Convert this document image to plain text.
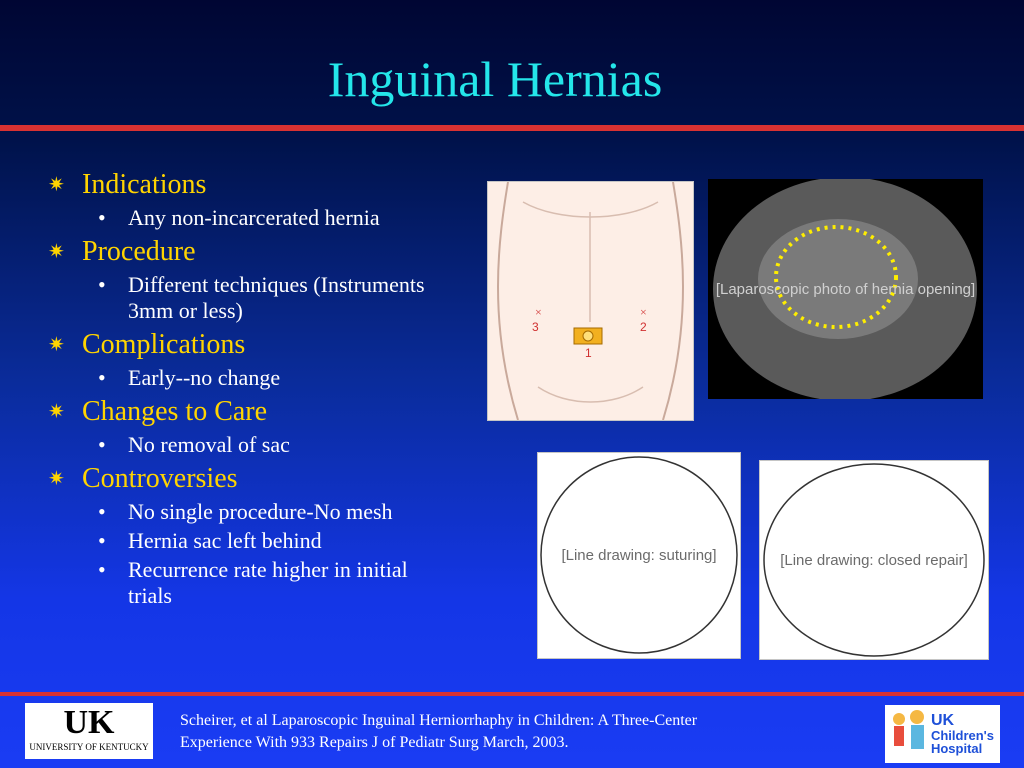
Inguinal Hernias
✷ Indications
•	Any non-incarcerated hernia
✷ Procedure
•	Different techniques (Instruments 3mm or less)
✷ Complications
•	Early--no change
✷ Changes to Care
•	No removal of sac
✷ Controversies
•	No single procedure-No mesh
•	Hernia sac left behind
•	Recurrence rate higher in initial trials
×	×
3	2
1
[Laparoscopic photo of hernia opening]
[Line drawing: suturing]	[Line drawing: closed repair]
UK
UNIVERSITY OF KENTUCKY
Scheirer, et al Laparoscopic Inguinal Herniorrhaphy in Children: A Three-Center
Experience With 933 Repairs J of Pediatr Surg March, 2003.
UK
Children's
Hospital
